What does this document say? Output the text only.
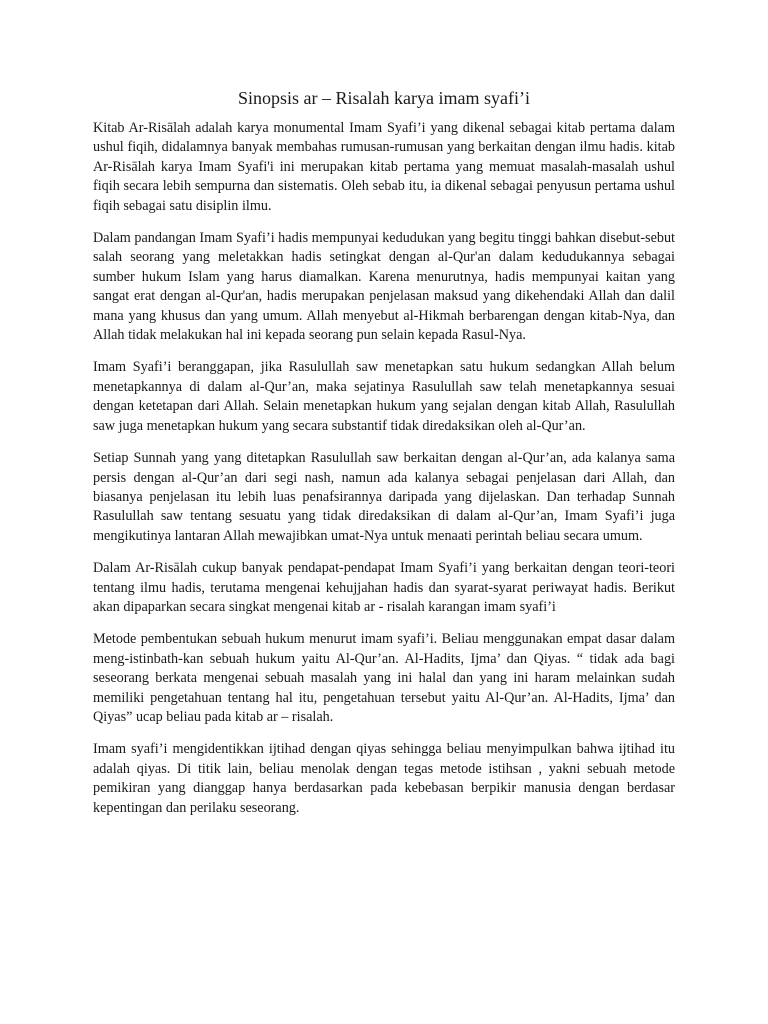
Sinopsis ar – Risalah karya imam syafi’i

Kitab Ar-Risālah adalah karya monumental Imam Syafi’i yang dikenal sebagai kitab pertama dalam ushul fiqih, didalamnya banyak membahas rumusan-rumusan yang berkaitan dengan ilmu hadis. kitab Ar-Risālah karya Imam Syafi'i ini merupakan kitab pertama yang memuat masalah-masalah ushul fiqih secara lebih sempurna dan sistematis. Oleh sebab itu, ia dikenal sebagai penyusun pertama ushul fiqih sebagai satu disiplin ilmu.

Dalam pandangan Imam Syafi’i hadis mempunyai kedudukan yang begitu tinggi bahkan disebut-sebut salah seorang yang meletakkan hadis setingkat dengan al-Qur'an dalam kedudukannya sebagai sumber hukum Islam yang harus diamalkan. Karena menurutnya, hadis mempunyai kaitan yang sangat erat dengan al-Qur'an, hadis merupakan penjelasan maksud yang dikehendaki Allah dan dalil mana yang khusus dan yang umum. Allah menyebut al-Hikmah berbarengan dengan kitab-Nya, dan Allah tidak melakukan hal ini kepada seorang pun selain kepada Rasul-Nya.

Imam Syafi’i beranggapan, jika Rasulullah saw menetapkan satu hukum sedangkan Allah belum menetapkannya di dalam al-Qur’an, maka sejatinya Rasulullah saw telah menetapkannya sesuai dengan ketetapan dari Allah. Selain menetapkan hukum yang sejalan dengan kitab Allah, Rasulullah saw juga menetapkan hukum yang secara substantif tidak diredaksikan oleh al-Qur’an.

Setiap Sunnah yang yang ditetapkan Rasulullah saw berkaitan dengan al-Qur’an, ada kalanya sama persis dengan al-Qur’an dari segi nash, namun ada kalanya sebagai penjelasan dari Allah, dan biasanya penjelasan itu lebih luas penafsirannya daripada yang dijelaskan. Dan terhadap Sunnah Rasulullah saw tentang sesuatu yang tidak diredaksikan di dalam al-Qur’an, Imam Syafi’i juga mengikutinya lantaran Allah mewajibkan umat-Nya untuk menaati perintah beliau secara umum.

Dalam Ar-Risālah cukup banyak pendapat-pendapat Imam Syafi’i yang berkaitan dengan teori-teori tentang ilmu hadis, terutama mengenai kehujjahan hadis dan syarat-syarat periwayat hadis. Berikut akan dipaparkan secara singkat mengenai kitab ar - risalah karangan imam syafi’i

Metode pembentukan sebuah hukum menurut imam syafi’i. Beliau menggunakan empat dasar dalam meng-istinbath-kan sebuah hukum yaitu Al-Qur’an. Al-Hadits, Ijma’ dan Qiyas. “ tidak ada bagi seseorang berkata mengenai sebuah masalah yang ini halal dan yang ini haram melainkan sudah memiliki pengetahuan tentang hal itu, pengetahuan tersebut yaitu Al-Qur’an. Al-Hadits, Ijma’ dan Qiyas” ucap beliau pada kitab ar – risalah.

Imam syafi’i mengidentikkan ijtihad dengan qiyas sehingga beliau menyimpulkan bahwa ijtihad itu adalah qiyas. Di titik lain, beliau menolak dengan tegas metode istihsan , yakni sebuah metode pemikiran yang dianggap hanya berdasarkan pada kebebasan berpikir manusia dengan berdasar kepentingan dan perilaku seseorang.
